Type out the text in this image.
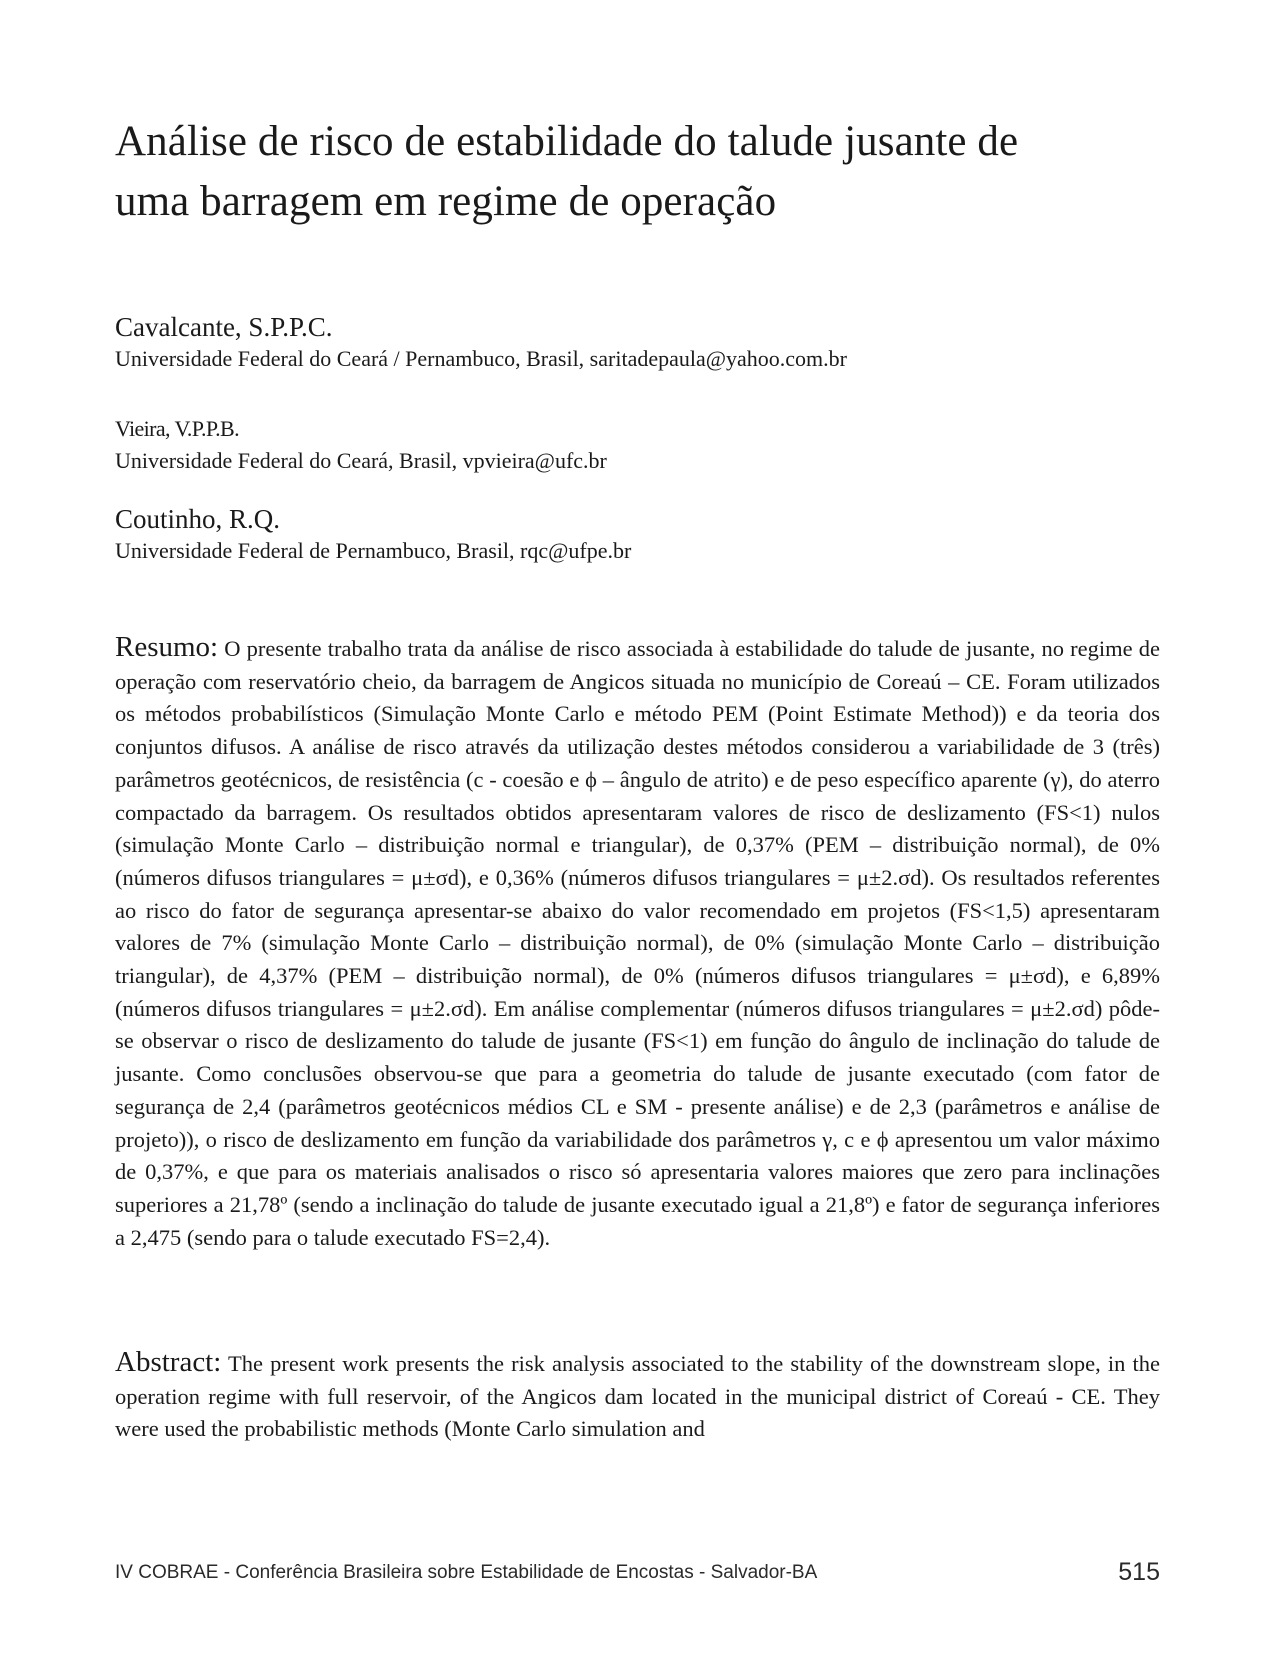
Análise de risco de estabilidade do talude jusante de
uma barragem em regime de operação
Cavalcante, S.P.P.C.
Universidade Federal do Ceará / Pernambuco, Brasil, saritadepaula@yahoo.com.br
Vieira, V.P.P.B.
Universidade Federal do Ceará, Brasil, vpvieira@ufc.br
Coutinho, R.Q.
Universidade Federal de Pernambuco, Brasil, rqc@ufpe.br

Resumo: O presente trabalho trata da análise de risco associada à estabilidade do talude de jusante, no regime de operação com reservatório cheio, da barragem de Angicos situada no município de Coreaú – CE. Foram utilizados os métodos probabilísticos (Simulação Monte Carlo e método PEM (Point Estimate Method)) e da teoria dos conjuntos difusos. A análise de risco através da utilização destes métodos considerou a variabilidade de 3 (três) parâmetros geotécnicos, de resistência (c - coesão e ϕ – ângulo de atrito) e de peso específico aparente (γ), do aterro compactado da barragem. Os resultados obtidos apresentaram valores de risco de deslizamento (FS<1) nulos (simulação Monte Carlo – distribuição normal e triangular), de 0,37% (PEM – distribuição normal), de 0% (números difusos triangulares = μ±σd), e 0,36% (números difusos triangulares = μ±2.σd). Os resultados referentes ao risco do fator de segurança apresentar-se abaixo do valor recomendado em projetos (FS<1,5) apresentaram valores de 7% (simulação Monte Carlo – distribuição normal), de 0% (simulação Monte Carlo – distribuição triangular), de 4,37% (PEM – distribuição normal), de 0% (números difusos triangulares = μ±σd), e 6,89% (números difusos triangulares = μ±2.σd). Em análise complementar (números difusos triangulares = μ±2.σd) pôde-se observar o risco de deslizamento do talude de jusante (FS<1) em função do ângulo de inclinação do talude de jusante. Como conclusões observou-se que para a geometria do talude de jusante executado (com fator de segurança de 2,4 (parâmetros geotécnicos médios CL e SM - presente análise) e de 2,3 (parâmetros e análise de projeto)), o risco de deslizamento em função da variabilidade dos parâmetros γ, c e ϕ apresentou um valor máximo de 0,37%, e que para os materiais analisados o risco só apresentaria valores maiores que zero para inclinações superiores a 21,78º (sendo a inclinação do talude de jusante executado igual a 21,8º) e fator de segurança inferiores a 2,475 (sendo para o talude executado FS=2,4).

Abstract: The present work presents the risk analysis associated to the stability of the downstream slope, in the operation regime with full reservoir, of the Angicos dam located in the municipal district of Coreaú - CE. They were used the probabilistic methods (Monte Carlo simulation and

IV COBRAE - Conferência Brasileira sobre Estabilidade de Encostas - Salvador-BA	515
